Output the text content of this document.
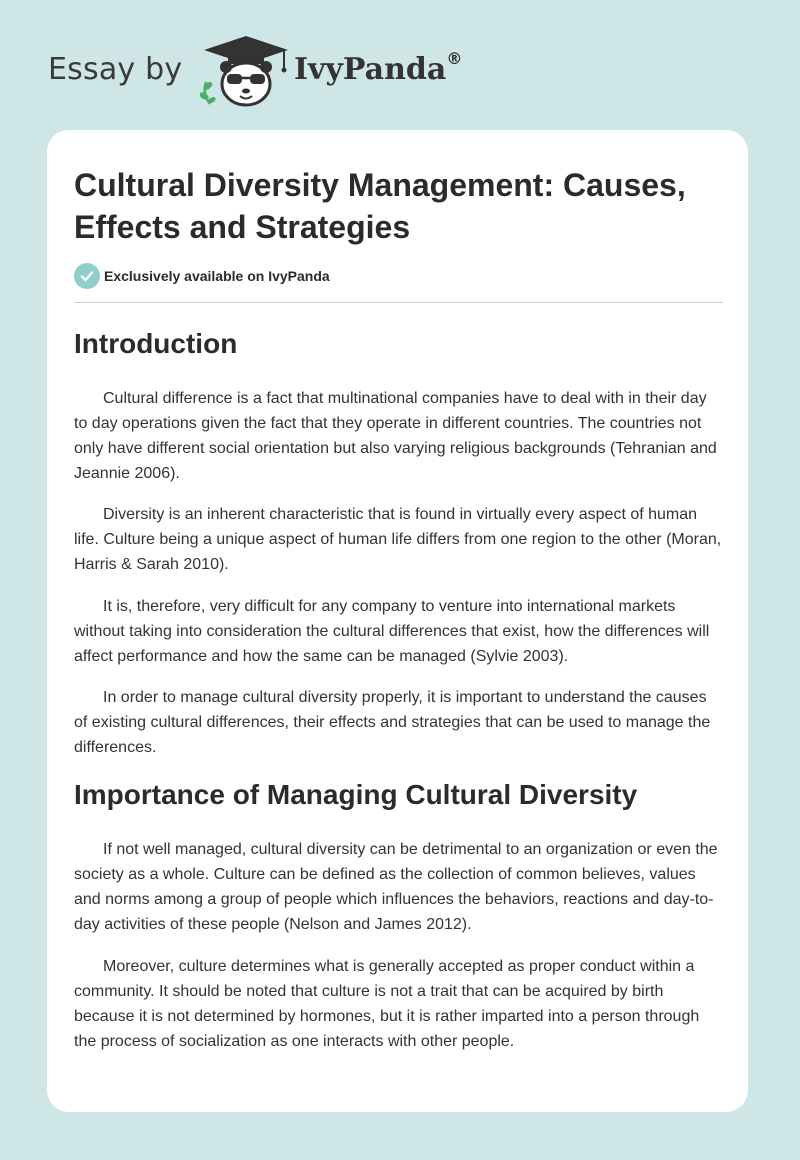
Essay by	IvyPanda®
Cultural Diversity Management: Causes, Effects and Strategies
Exclusively available on IvyPanda
Introduction

Cultural difference is a fact that multinational companies have to deal with in their day to day operations given the fact that they operate in different countries. The countries not only have different social orientation but also varying religious backgrounds (Tehranian and Jeannie 2006).

Diversity is an inherent characteristic that is found in virtually every aspect of human life. Culture being a unique aspect of human life differs from one region to the other (Moran, Harris & Sarah 2010).

It is, therefore, very difficult for any company to venture into international markets without taking into consideration the cultural differences that exist, how the differences will affect performance and how the same can be managed (Sylvie 2003).

In order to manage cultural diversity properly, it is important to understand the causes of existing cultural differences, their effects and strategies that can be used to manage the differences.

Importance of Managing Cultural Diversity

If not well managed, cultural diversity can be detrimental to an organization or even the society as a whole. Culture can be defined as the collection of common believes, values and norms among a group of people which influences the behaviors, reactions and day-to-day activities of these people (Nelson and James 2012).

Moreover, culture determines what is generally accepted as proper conduct within a community. It should be noted that culture is not a trait that can be acquired by birth because it is not determined by hormones, but it is rather imparted into a person through the process of socialization as one interacts with other people.
